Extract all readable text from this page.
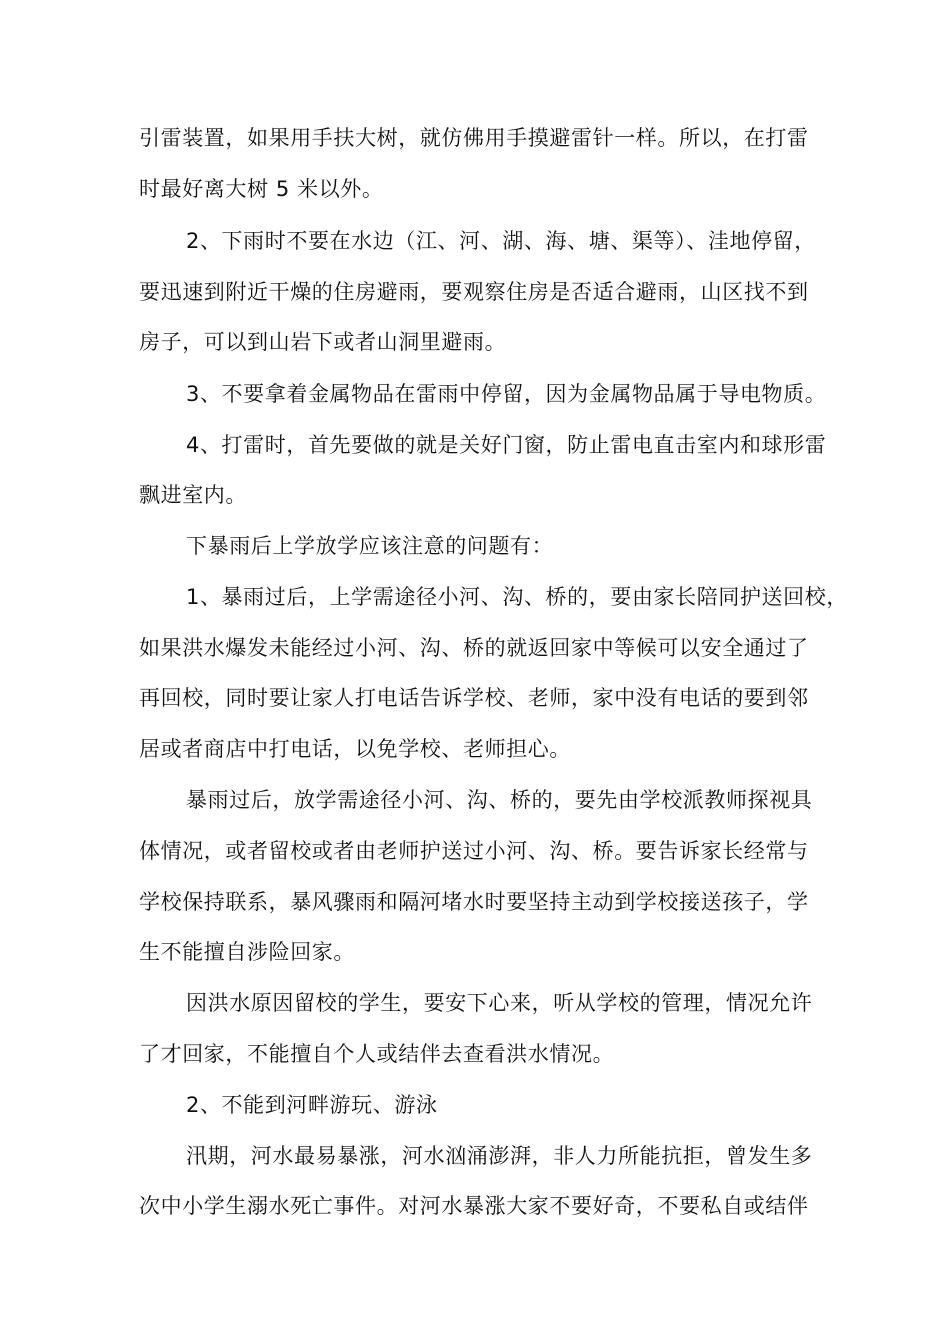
引雷装置，如果用手扶大树，就仿佛用手摸避雷针一样。所以，在打雷
时最好离大树 5 米以外。
2、下雨时不要在水边（江、河、湖、海、塘、渠等）、洼地停留，
要迅速到附近干燥的住房避雨，要观察住房是否适合避雨，山区找不到
房子，可以到山岩下或者山洞里避雨。
3、不要拿着金属物品在雷雨中停留，因为金属物品属于导电物质。
4、打雷时，首先要做的就是关好门窗，防止雷电直击室内和球形雷
飘进室内。
下暴雨后上学放学应该注意的问题有：
1、暴雨过后，上学需途径小河、沟、桥的，要由家长陪同护送回校，
如果洪水爆发未能经过小河、沟、桥的就返回家中等候可以安全通过了
再回校，同时要让家人打电话告诉学校、老师，家中没有电话的要到邻
居或者商店中打电话，以免学校、老师担心。
暴雨过后，放学需途径小河、沟、桥的，要先由学校派教师探视具
体情况，或者留校或者由老师护送过小河、沟、桥。要告诉家长经常与
学校保持联系，暴风骤雨和隔河堵水时要坚持主动到学校接送孩子，学
生不能擅自涉险回家。
因洪水原因留校的学生，要安下心来，听从学校的管理，情况允许
了才回家，不能擅自个人或结伴去查看洪水情况。
2、不能到河畔游玩、游泳
汛期，河水最易暴涨，河水汹涌澎湃，非人力所能抗拒，曾发生多
次中小学生溺水死亡事件。对河水暴涨大家不要好奇，不要私自或结伴
